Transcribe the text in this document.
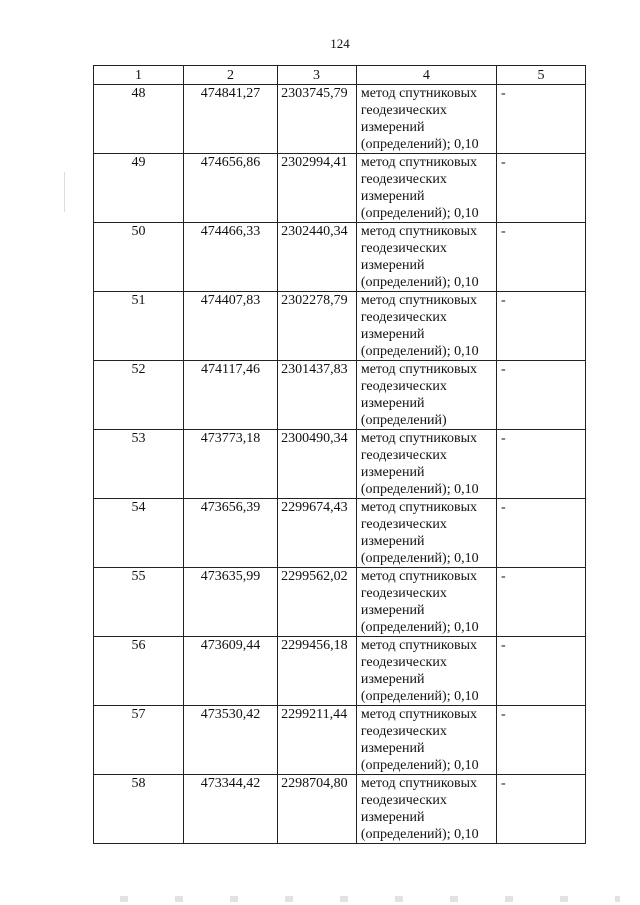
124
1	2	3	4	5
48	474841,27	2303745,79	метод спутниковых геодезических измерений (определений); 0,10	-
49	474656,86	2302994,41	метод спутниковых геодезических измерений (определений); 0,10	-
50	474466,33	2302440,34	метод спутниковых геодезических измерений (определений); 0,10	-
51	474407,83	2302278,79	метод спутниковых геодезических измерений (определений); 0,10	-
52	474117,46	2301437,83	метод спутниковых геодезических измерений (определений)	-
53	473773,18	2300490,34	метод спутниковых геодезических измерений (определений); 0,10	-
54	473656,39	2299674,43	метод спутниковых геодезических измерений (определений); 0,10	-
55	473635,99	2299562,02	метод спутниковых геодезических измерений (определений); 0,10	-
56	473609,44	2299456,18	метод спутниковых геодезических измерений (определений); 0,10	-
57	473530,42	2299211,44	метод спутниковых геодезических измерений (определений); 0,10	-
58	473344,42	2298704,80	метод спутниковых геодезических измерений (определений); 0,10	-
